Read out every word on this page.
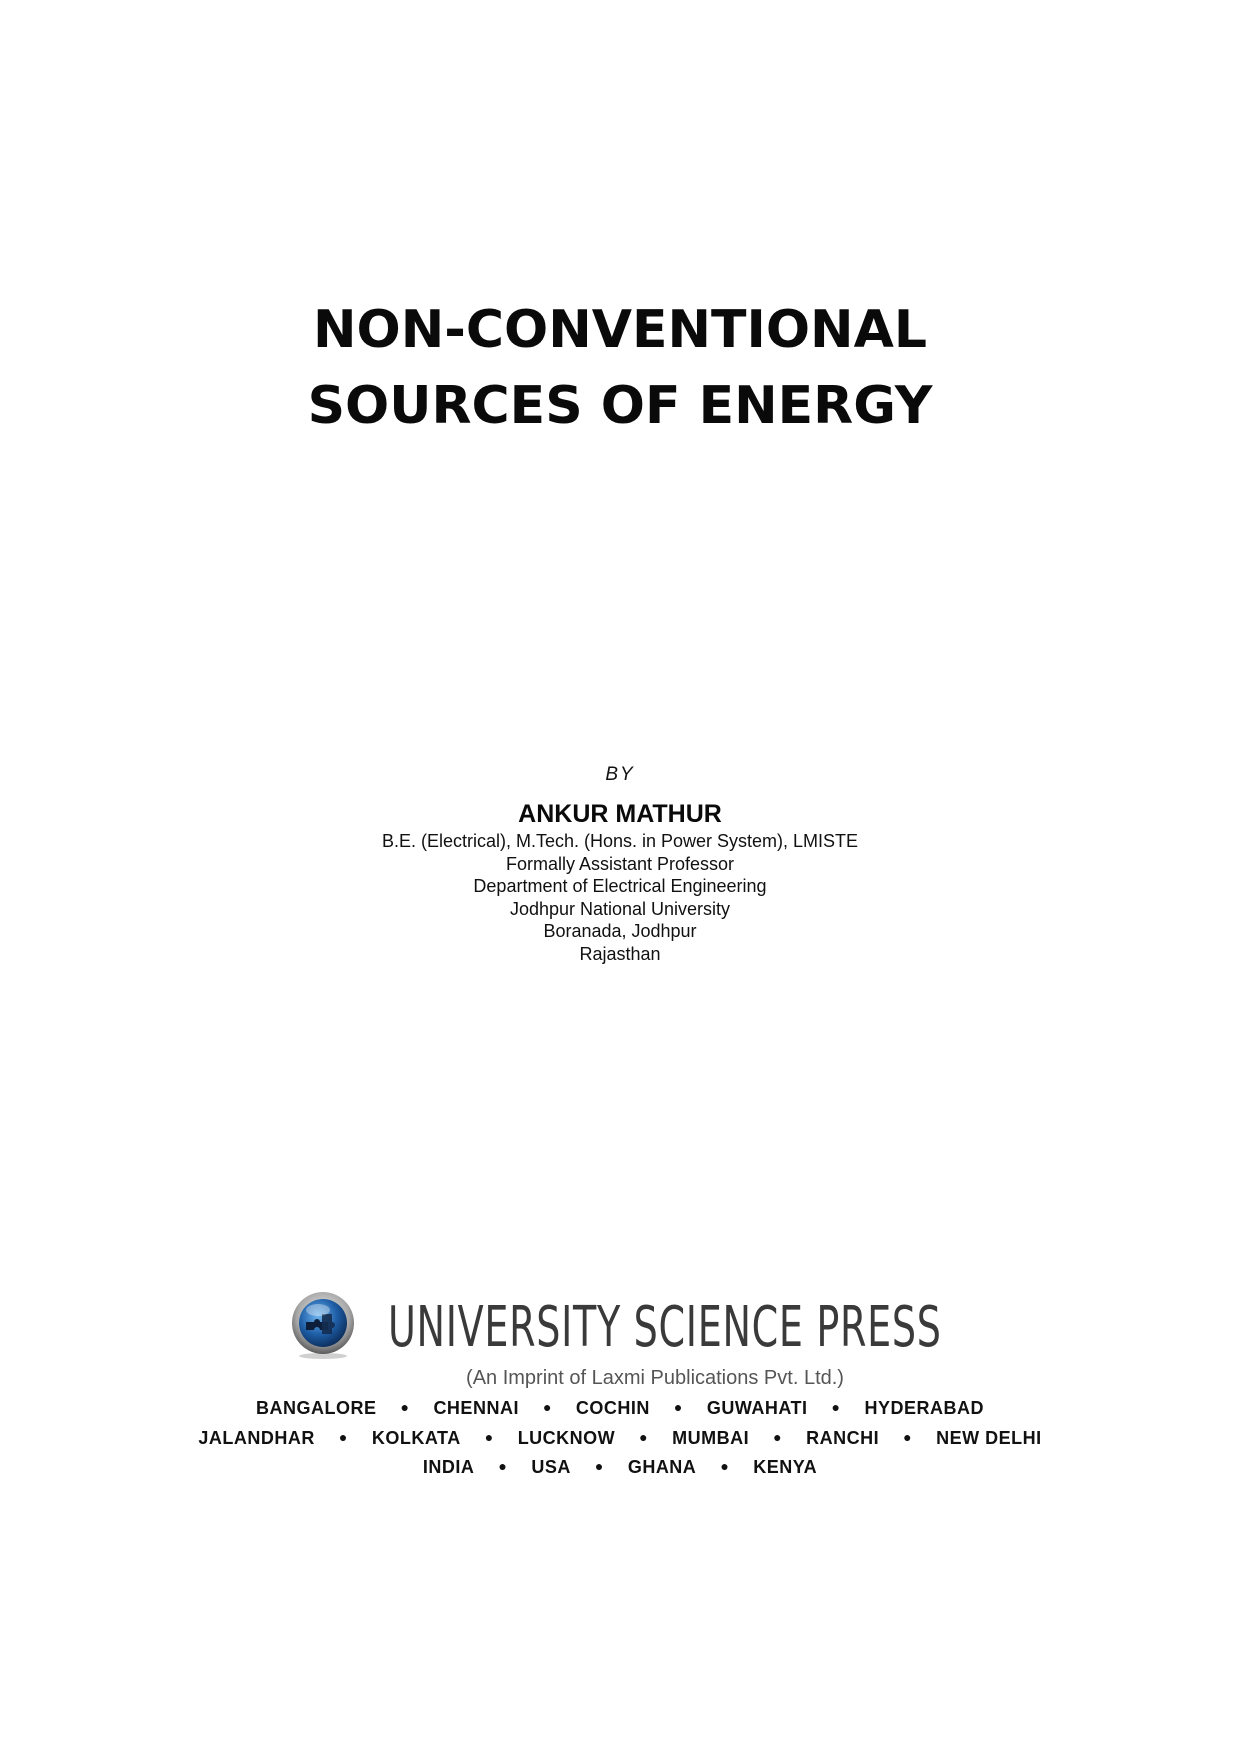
NON-CONVENTIONAL
SOURCES OF ENERGY
BY
ANKUR MATHUR
B.E. (Electrical), M.Tech. (Hons. in Power System), LMISTE
Formally Assistant Professor
Department of Electrical Engineering
Jodhpur National University
Boranada, Jodhpur
Rajasthan
UNIVERSITY SCIENCE PRESS
(An Imprint of Laxmi Publications Pvt. Ltd.)
BANGALORE ● CHENNAI ● COCHIN ● GUWAHATI ● HYDERABAD
JALANDHAR ● KOLKATA ● LUCKNOW ● MUMBAI ● RANCHI ● NEW DELHI
INDIA ● USA ● GHANA ● KENYA
